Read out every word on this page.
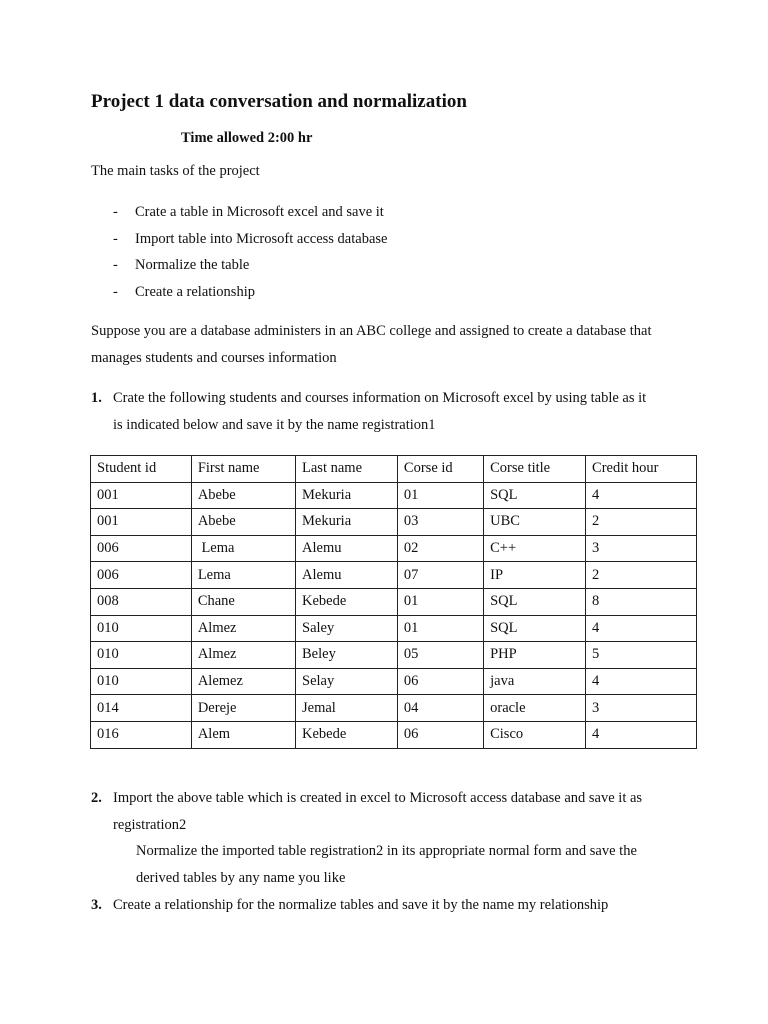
Project 1 data conversation and normalization
Time allowed 2:00 hr
The main tasks of the project
-	Crate a table in Microsoft excel and save it
-	Import table into Microsoft access database
-	Normalize the table
-	Create a relationship
Suppose you are a database administers in an ABC college and assigned to create a database that
manages students and courses information
1. Crate the following students and courses information on Microsoft excel by using table as it
is indicated below and save it by the name registration1
Student id	First name	Last name	Corse id	Corse title	Credit hour
001	Abebe	Mekuria	01	SQL	4
001	Abebe	Mekuria	03	UBC	2
006	Lema	Alemu	02	C++	3
006	Lema	Alemu	07	IP	2
008	Chane	Kebede	01	SQL	8
010	Almez	Saley	01	SQL	4
010	Almez	Beley	05	PHP	5
010	Alemez	Selay	06	java	4
014	Dereje	Jemal	04	oracle	3
016	Alem	Kebede	06	Cisco	4
2. Import the above table which is created in excel to Microsoft access database and save it as
registration2
Normalize the imported table registration2 in its appropriate normal form and save the
derived tables by any name you like
3. Create a relationship for the normalize tables and save it by the name my relationship
